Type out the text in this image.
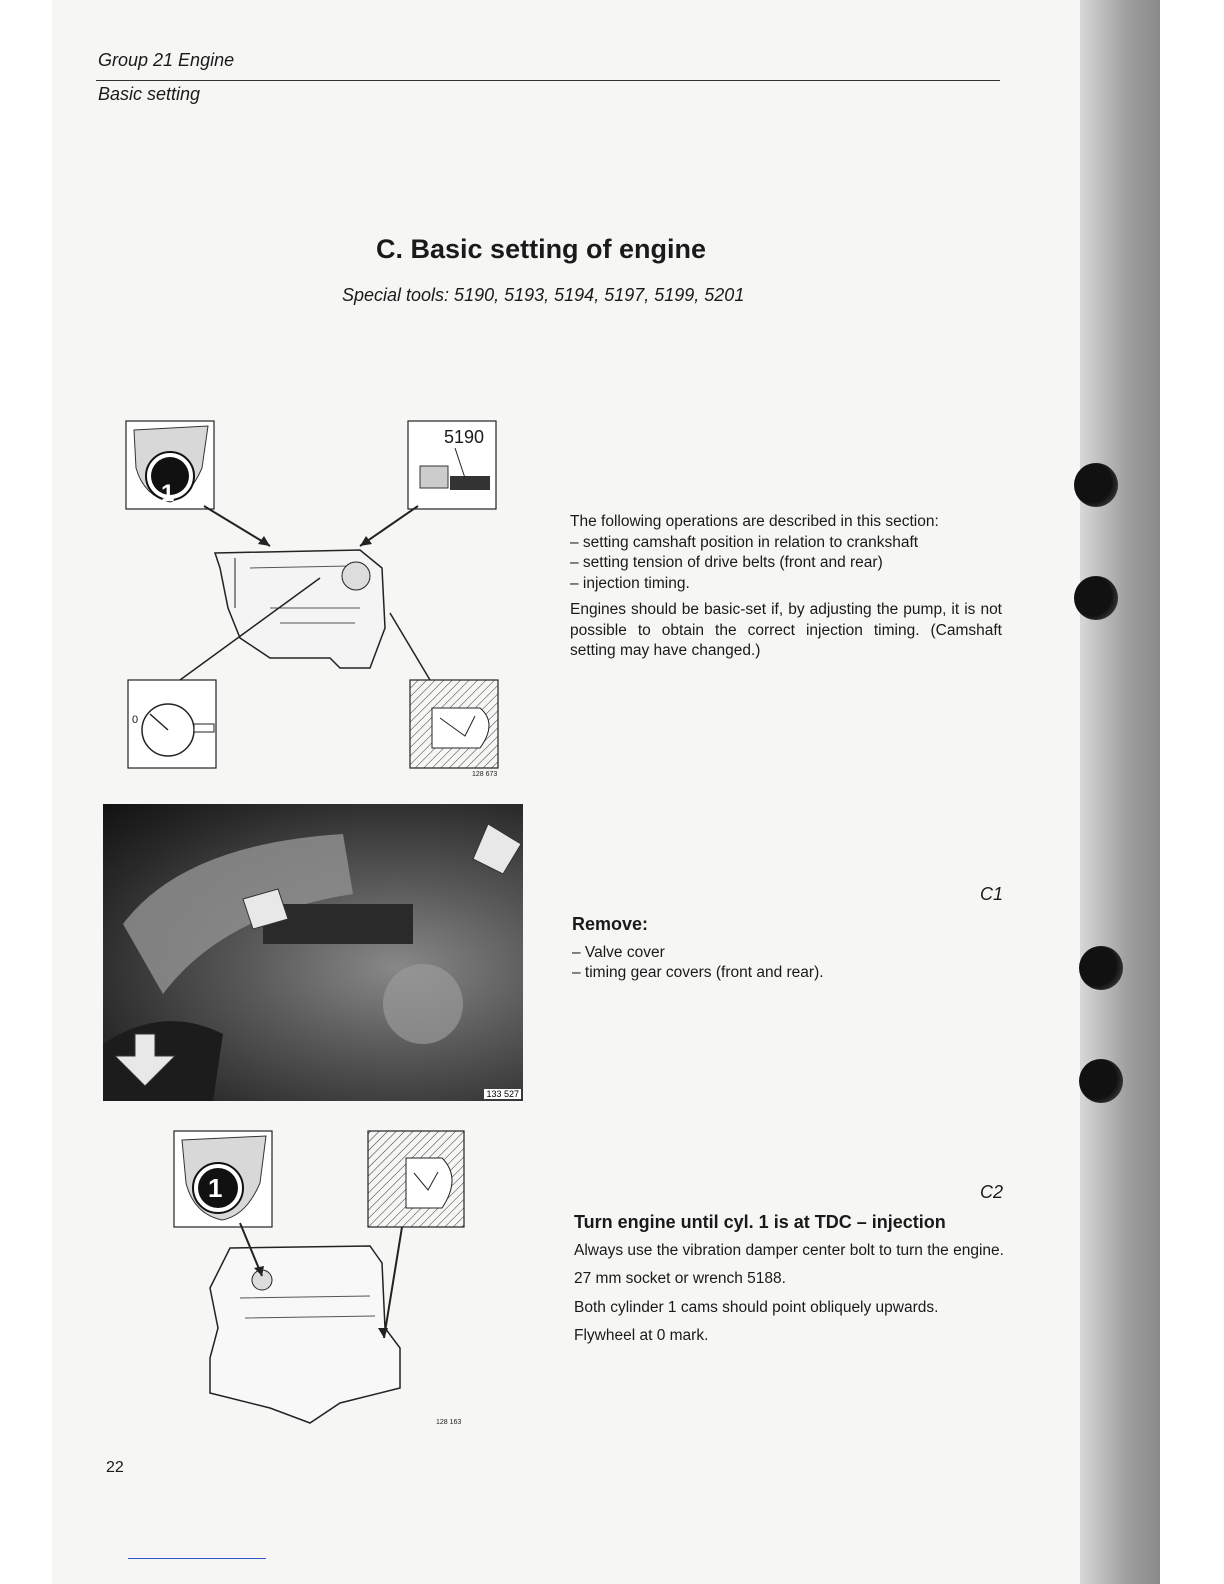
Group 21 Engine
Basic setting
C. Basic setting of engine
Special tools: 5190, 5193, 5194, 5197, 5199, 5201
5190
1
0
128 673

The following operations are described in this section:

– setting camshaft position in relation to crankshaft

– setting tension of drive belts (front and rear)

– injection timing.

Engines should be basic-set if, by adjusting the pump, it is not possible to obtain the correct injection timing. (Camshaft setting may have changed.)

133 527
C1

Remove:

– Valve cover

– timing gear covers (front and rear).

1
128 163
C2

Turn engine until cyl. 1 is at TDC – injection

Always use the vibration damper center bolt to turn the engine.

27 mm socket or wrench 5188.

Both cylinder 1 cams should point obliquely upwards.

Flywheel at 0 mark.

22
